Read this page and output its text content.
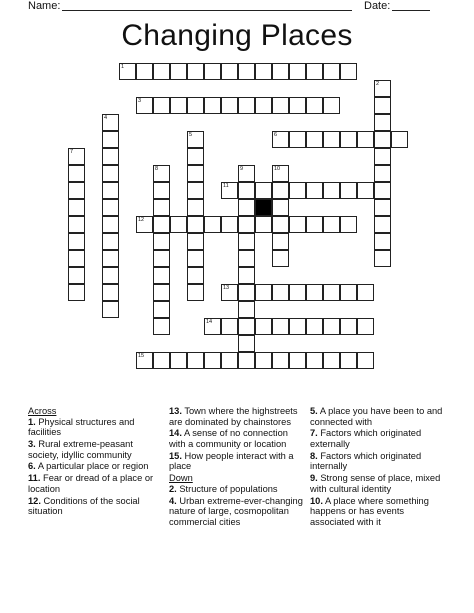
Name:	Date:
Changing Places
1
3
6
11
12
13
14
15
2
4
5
7
8	9	10
Across
1. Physical structures and facilities
3. Rural extreme-peasant society, idyllic community
6. A particular place or region
11. Fear or dread of a place or location
12. Conditions of the social situation
13. Town where the highstreets are dominated by chainstores
14. A sense of no connection with a community or location
15. How people interact with a place
Down
2. Structure of populations
4. Urban extreme-ever-changing nature of large, cosmopolitan commercial cities
5. A place you have been to and connected with
7. Factors which originated externally
8. Factors which originated internally
9. Strong sense of place, mixed with cultural identity
10. A place where something happens or has events associated with it
